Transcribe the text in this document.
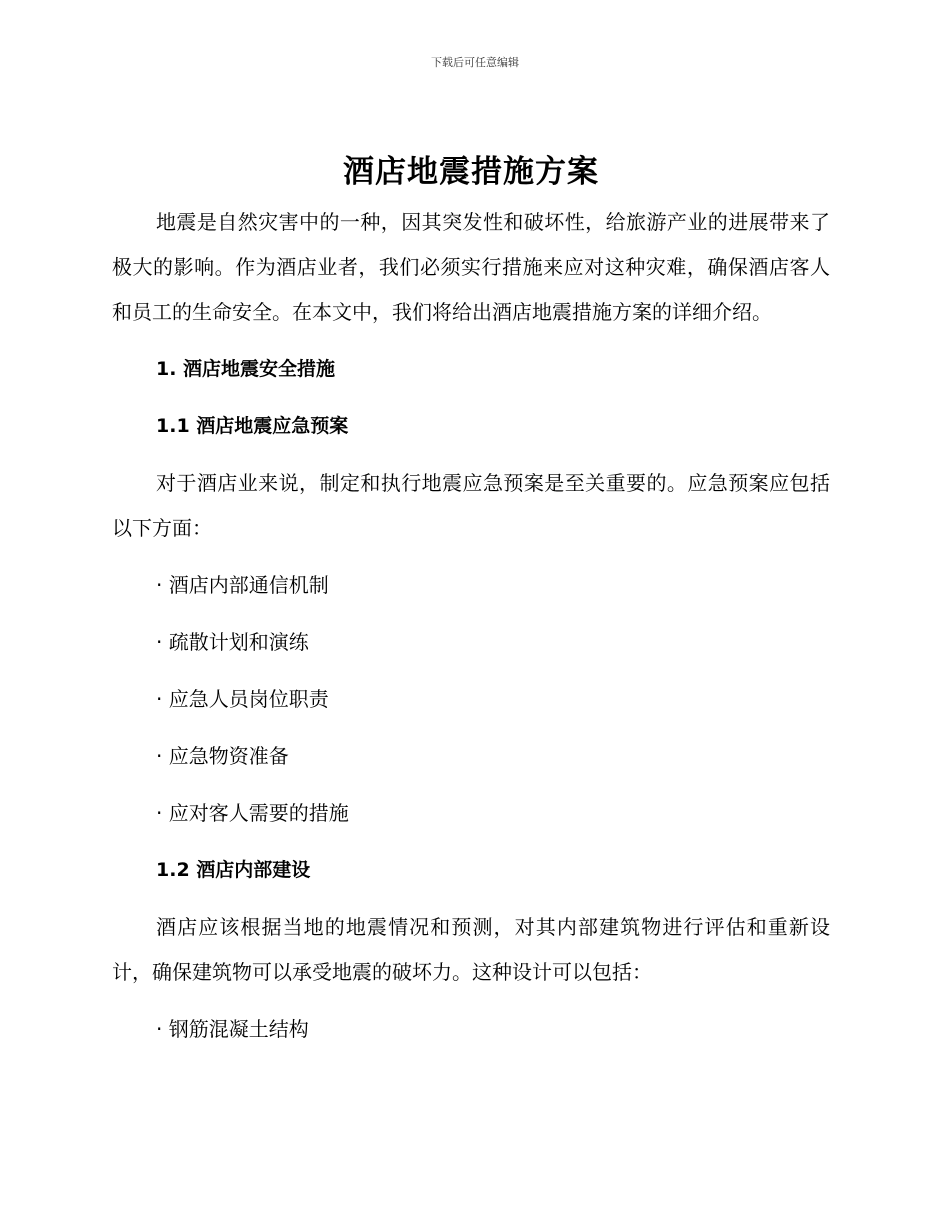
下载后可任意编辑
酒店地震措施方案

地震是自然灾害中的一种，因其突发性和破坏性，给旅游产业的进展带来了极大的影响。作为酒店业者，我们必须实行措施来应对这种灾难，确保酒店客人和员工的生命安全。在本文中，我们将给出酒店地震措施方案的详细介绍。

1. 酒店地震安全措施
1.1 酒店地震应急预案

对于酒店业来说，制定和执行地震应急预案是至关重要的。应急预案应包括以下方面：

· 酒店内部通信机制
· 疏散计划和演练
· 应急人员岗位职责
· 应急物资准备
· 应对客人需要的措施
1.2 酒店内部建设

酒店应该根据当地的地震情况和预测，对其内部建筑物进行评估和重新设计，确保建筑物可以承受地震的破坏力。这种设计可以包括：

· 钢筋混凝土结构
